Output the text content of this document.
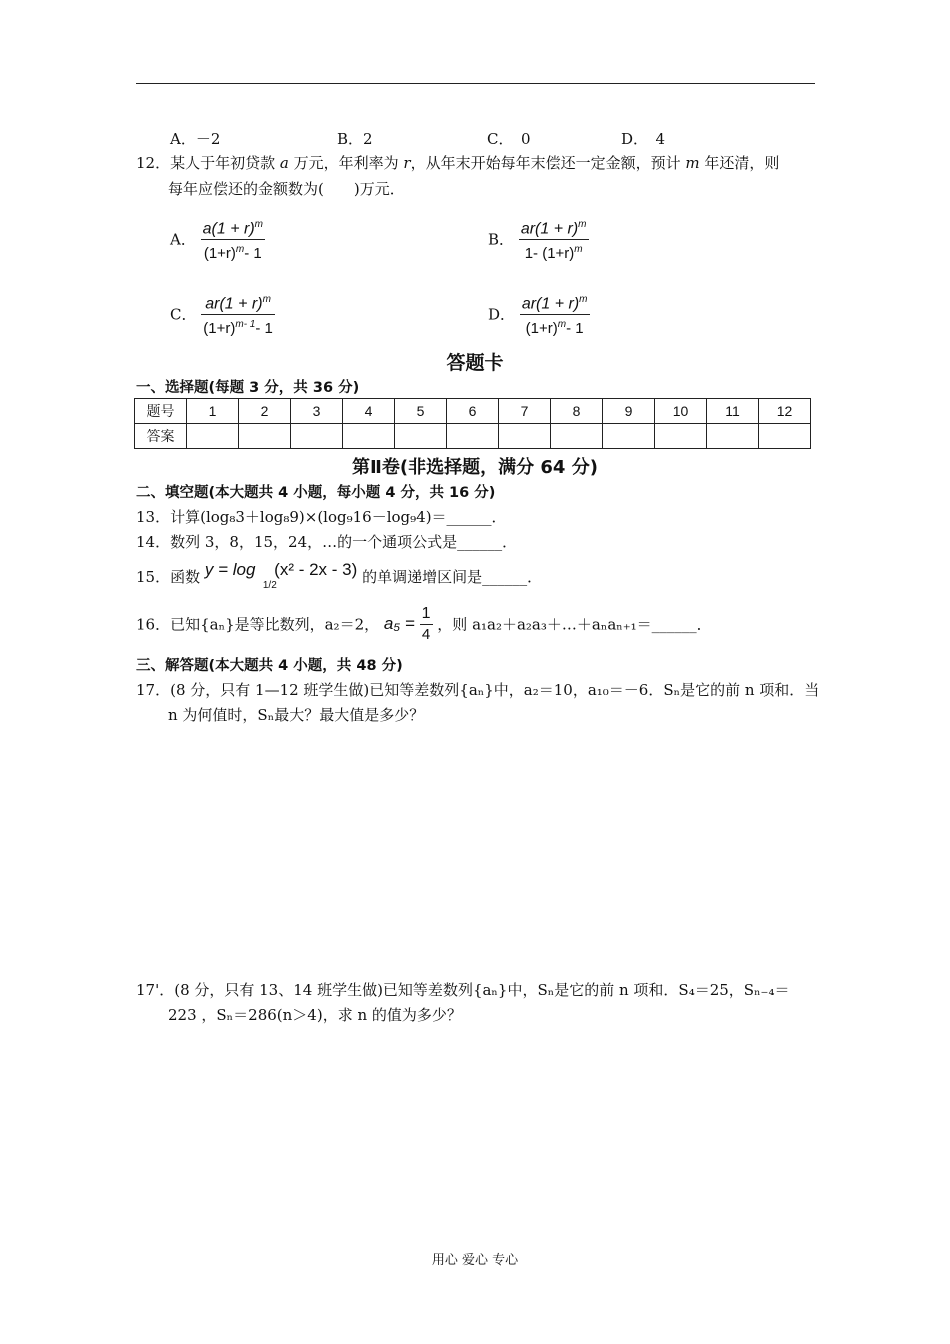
A．－2	B．2	C．　0	D．　4
12．某人于年初贷款 a 万元，年利率为 r，从年末开始每年末偿还一定金额，预计 m 年还清，则
每年应偿还的金额数为(　　)万元．
A． $\frac{a(1 + r)^m}{(1+r)^m- 1}$	B． $\frac{ar(1 + r)^m}{1- (1+r)^m}$
C． $\frac{ar(1 + r)^m}{(1+r)^{m- 1}- 1}$	D． $\frac{ar(1 + r)^m}{(1+r)^m- 1}$
答题卡
一、选择题(每题 3 分，共 36 分)
题号	1	2	3	4	5	6	7	8	9	10	11	12
答案												
第Ⅱ卷(非选择题，满分 64 分)
二、填空题(本大题共 4 小题，每小题 4 分，共 16 分)
13．计算(log₈3＋log₈9)×(log₉16－log₉4)＝______．
14．数列 3，8，15，24，…的一个通项公式是______．
15．函数 y = log
1/2
(x² - 2x - 3) 的单调递增区间是______．
16．已知{aₙ}是等比数列，a₂＝2， $a_5 = \frac{1}{4}$ ，则 a₁a₂＋a₂a₃＋…＋aₙaₙ₊₁＝______．
三、解答题(本大题共 4 小题，共 48 分)
17．(8 分，只有 1—12 班学生做)已知等差数列{aₙ}中，a₂＝10，a₁₀＝－6．Sₙ是它的前 n 项和．当
n 为何值时，Sₙ最大？最大值是多少？
17'．(8 分，只有 13、14 班学生做)已知等差数列{aₙ}中，Sₙ是它的前 n 项和．S₄＝25，Sₙ₋₄＝
223 ，Sₙ＝286(n＞4)，求 n 的值为多少？
用心 爱心 专心
